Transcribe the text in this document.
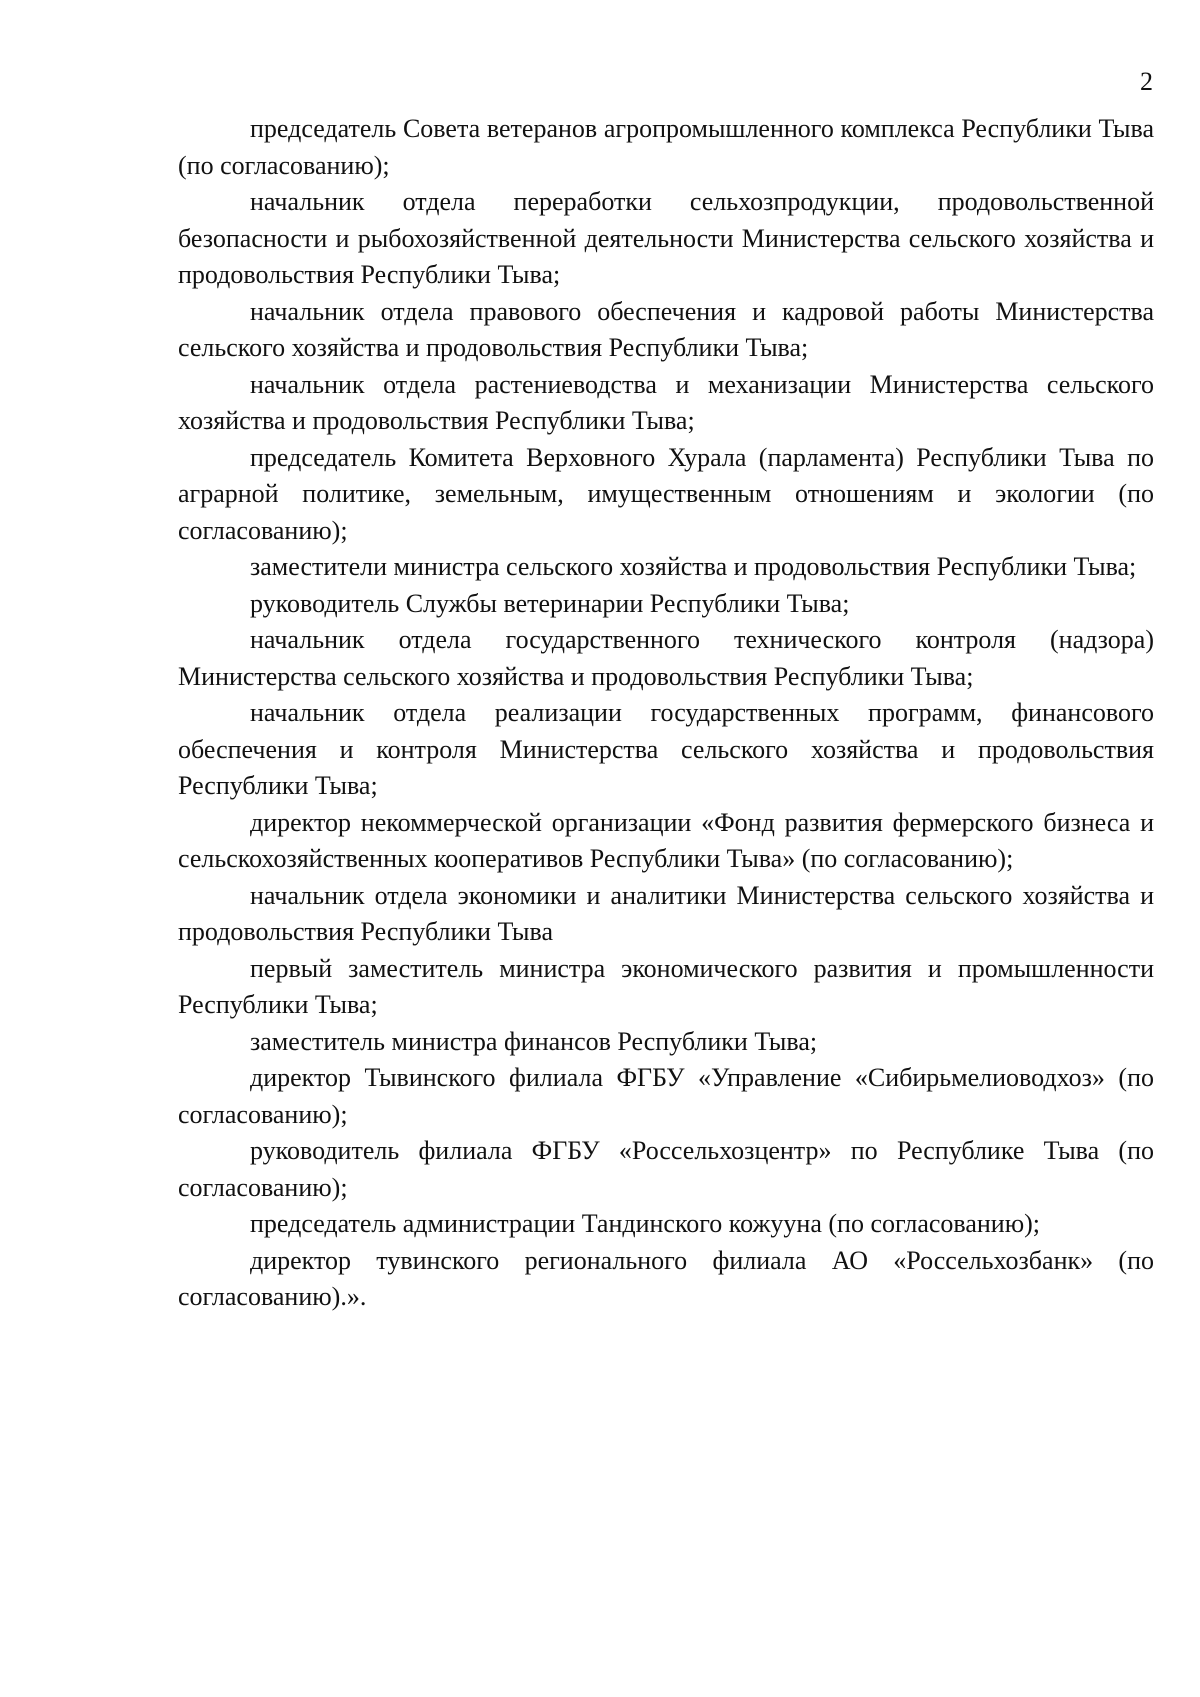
2
председатель Совета ветеранов агропромышленного комплекса Республики Тыва (по согласованию);
начальник отдела переработки сельхозпродукции, продовольственной безопасности и рыбохозяйственной деятельности Министерства сельского хозяйства и продовольствия Республики Тыва;
начальник отдела правового обеспечения и кадровой работы Министерства сельского хозяйства и продовольствия Республики Тыва;
начальник отдела растениеводства и механизации Министерства сельского хозяйства и продовольствия Республики Тыва;
председатель Комитета Верховного Хурала (парламента) Республики Тыва по аграрной политике, земельным, имущественным отношениям и экологии (по согласованию);
заместители министра сельского хозяйства и продовольствия Республики Тыва;
руководитель Службы ветеринарии Республики Тыва;
начальник отдела государственного технического контроля (надзора) Министерства сельского хозяйства и продовольствия Республики Тыва;
начальник отдела реализации государственных программ, финансового обеспечения и контроля Министерства сельского хозяйства и продовольствия Республики Тыва;
директор некоммерческой организации «Фонд развития фермерского бизнеса и сельскохозяйственных кооперативов Республики Тыва» (по согласованию);
начальник отдела экономики и аналитики Министерства сельского хозяйства и продовольствия Республики Тыва
первый заместитель министра экономического развития и промышленности Республики Тыва;
заместитель министра финансов Республики Тыва;
директор Тывинского филиала ФГБУ «Управление «Сибирьмелиоводхоз» (по согласованию);
руководитель филиала ФГБУ «Россельхозцентр» по Республике Тыва (по согласованию);
председатель администрации Тандинского кожууна (по согласованию);
директор тувинского регионального филиала АО «Россельхозбанк» (по согласованию).».
